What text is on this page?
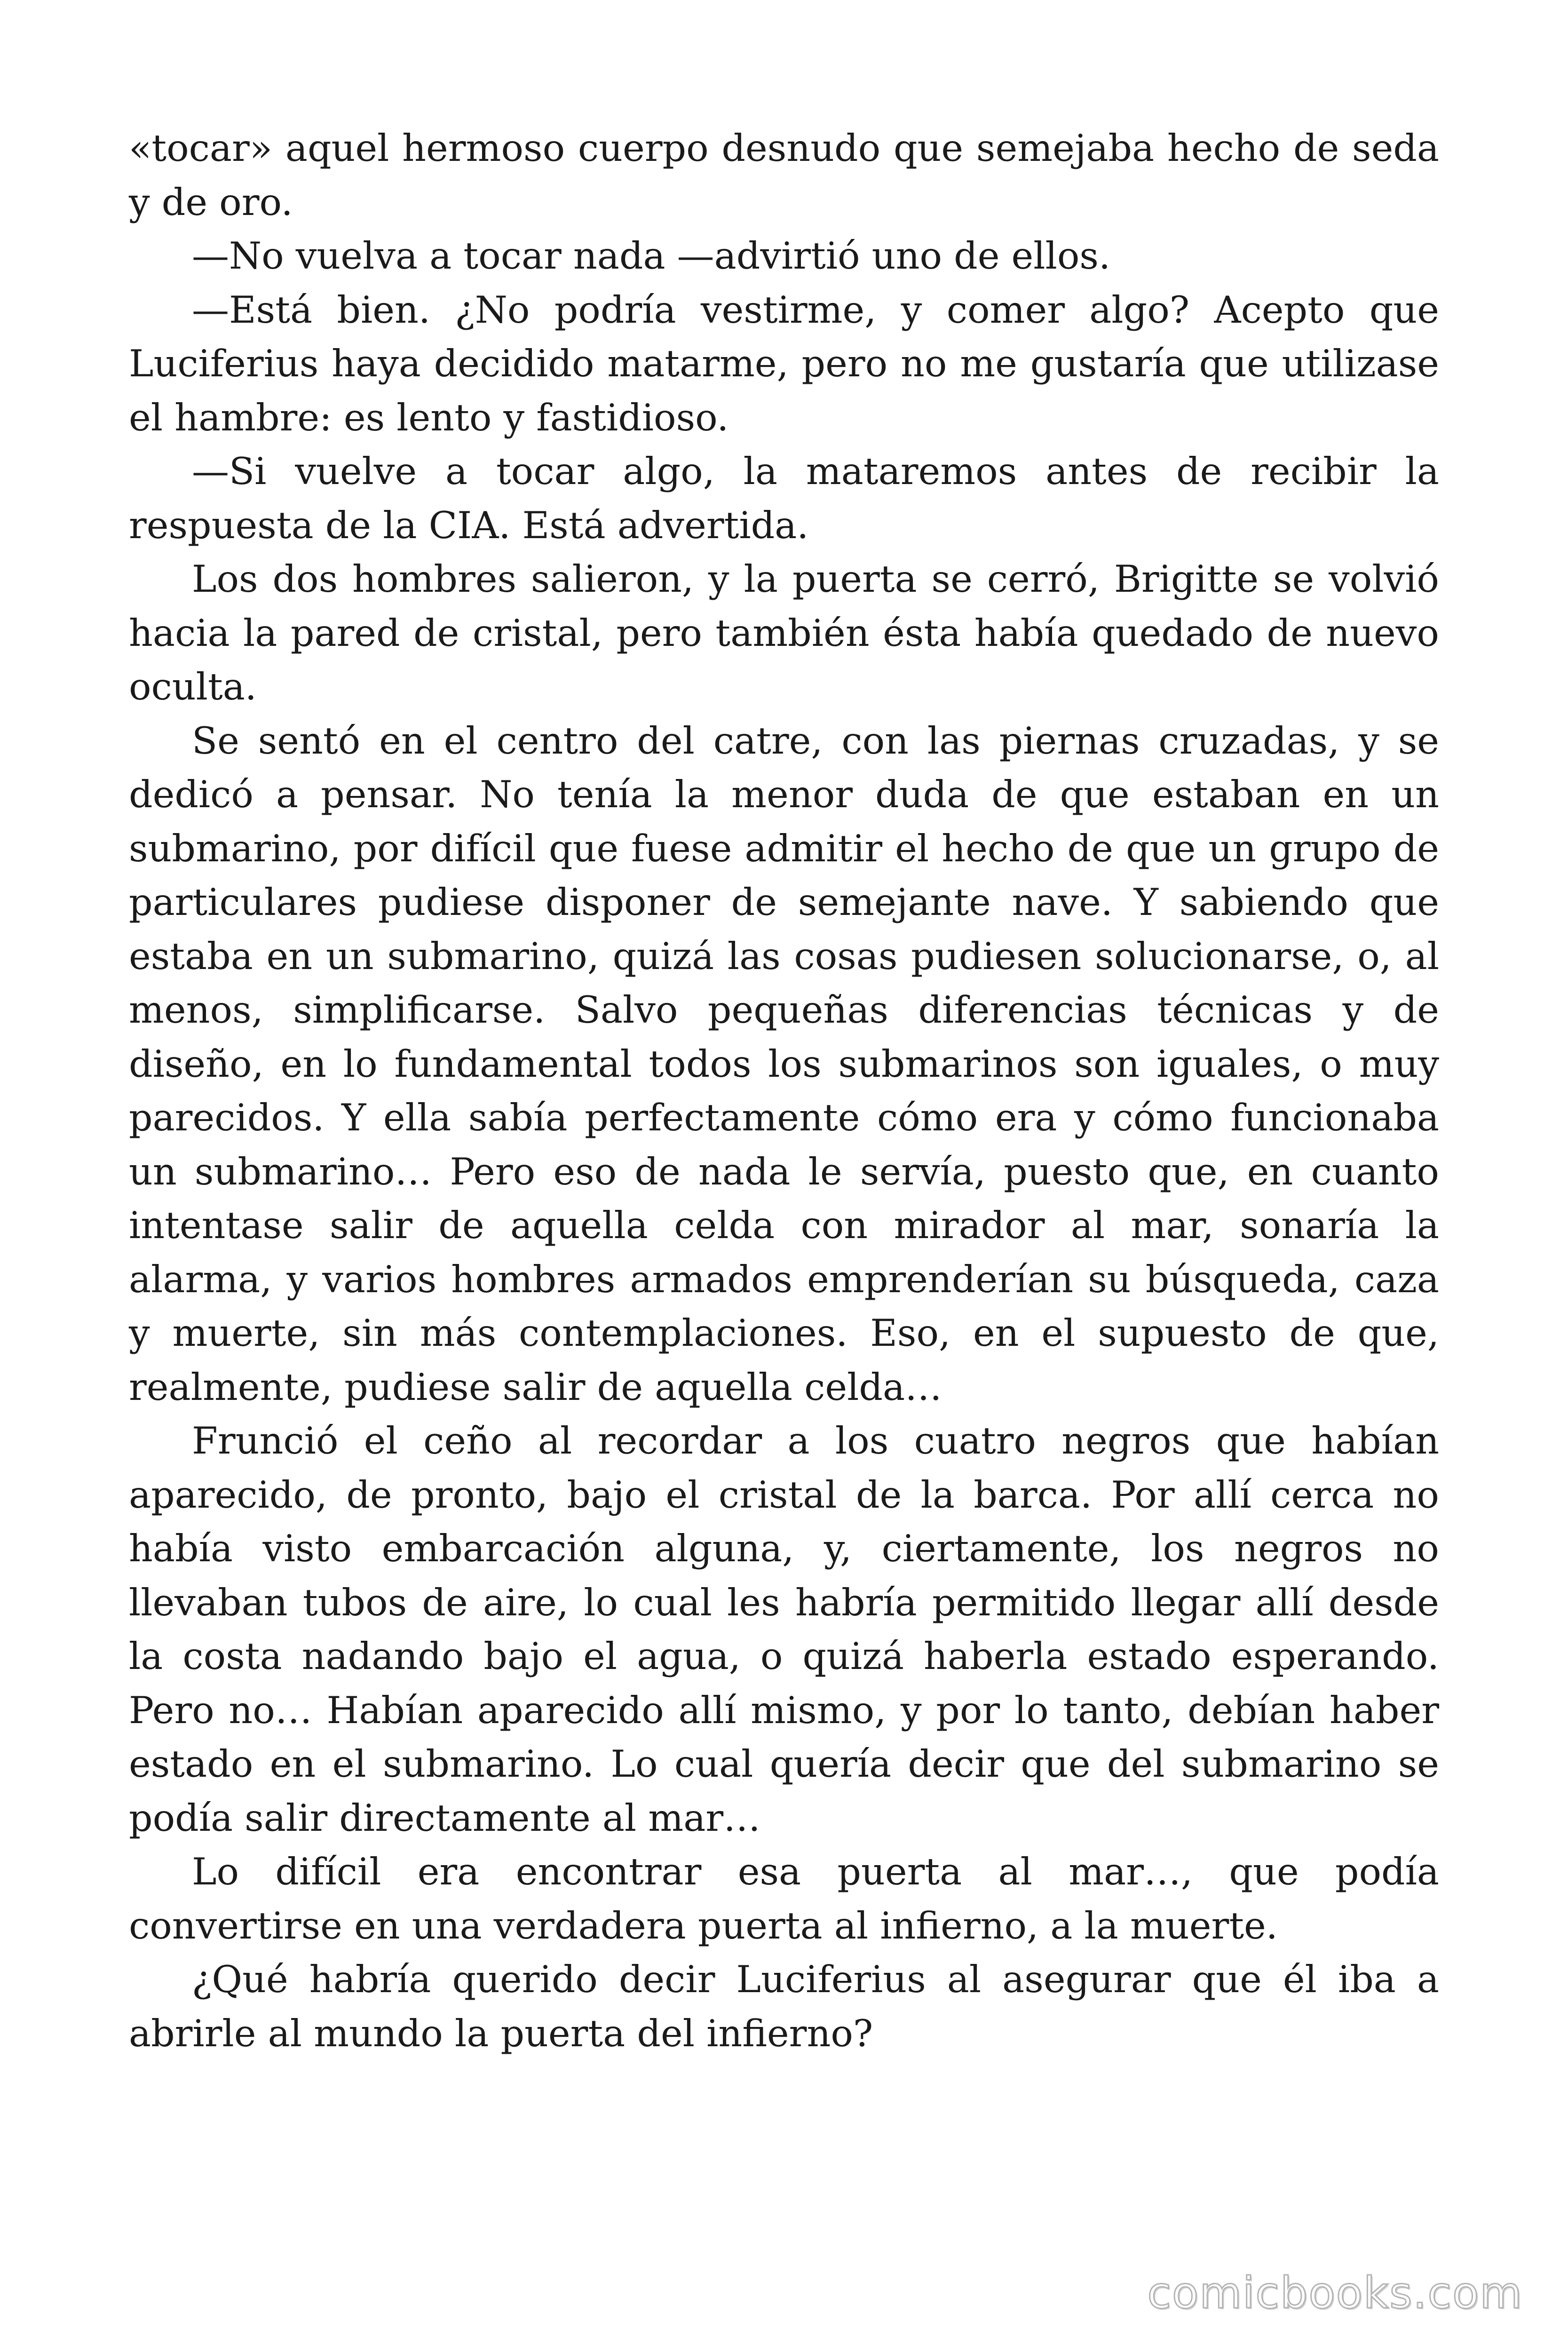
«tocar» aquel hermoso cuerpo desnudo que semejaba hecho de seda y de oro.

—No vuelva a tocar nada —advirtió uno de ellos.

—Está bien. ¿No podría vestirme, y comer algo? Acepto que Luciferius haya decidido matarme, pero no me gustaría que utilizase el hambre: es lento y fastidioso.

—Si vuelve a tocar algo, la mataremos antes de recibir la respuesta de la CIA. Está advertida.

Los dos hombres salieron, y la puerta se cerró, Brigitte se volvió hacia la pared de cristal, pero también ésta había quedado de nuevo oculta.

Se sentó en el centro del catre, con las piernas cruzadas, y se dedicó a pensar. No tenía la menor duda de que estaban en un submarino, por difícil que fuese admitir el hecho de que un grupo de particulares pudiese disponer de semejante nave. Y sabiendo que estaba en un submarino, quizá las cosas pudiesen solucionarse, o, al menos, simplificarse. Salvo pequeñas diferencias técnicas y de diseño, en lo fundamental todos los submarinos son iguales, o muy parecidos. Y ella sabía perfectamente cómo era y cómo funcionaba un submarino… Pero eso de nada le servía, puesto que, en cuanto intentase salir de aquella celda con mirador al mar, sonaría la alarma, y varios hombres armados emprenderían su búsqueda, caza y muerte, sin más contemplaciones. Eso, en el supuesto de que, realmente, pudiese salir de aquella celda…

Frunció el ceño al recordar a los cuatro negros que habían aparecido, de pronto, bajo el cristal de la barca. Por allí cerca no había visto embarcación alguna, y, ciertamente, los negros no llevaban tubos de aire, lo cual les habría permitido llegar allí desde la costa nadando bajo el agua, o quizá haberla estado esperando. Pero no… Habían aparecido allí mismo, y por lo tanto, debían haber estado en el submarino. Lo cual quería decir que del submarino se podía salir directamente al mar…

Lo difícil era encontrar esa puerta al mar…, que podía convertirse en una verdadera puerta al infierno, a la muerte.

¿Qué habría querido decir Luciferius al asegurar que él iba a abrirle al mundo la puerta del infierno?

comicbooks.com
